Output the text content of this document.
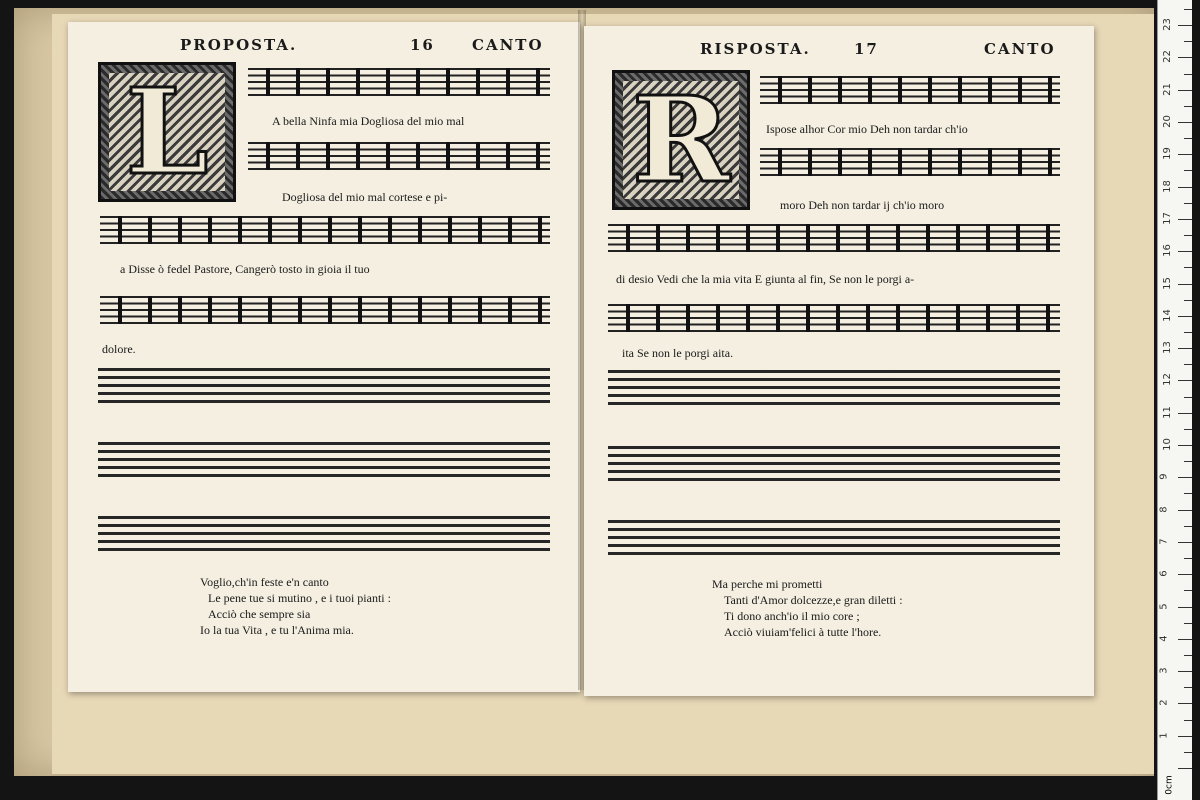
PROPOSTA.	16 CANTO
L	A bella Ninfa mia Dogliosa del mio mal
Dogliosa del mio mal cortese e pi-
a Disse ò fedel Pastore, Cangerò tosto in gioia il tuo
dolore.
Voglio,ch'in feste e'n canto
Le pene tue si mutino , e i tuoi pianti :
Acciò che sempre sia
Io la tua Vita , e tu l'Anima mia.
RISPOSTA.	17	CANTO
R	Ispose alhor Cor mio Deh non tardar ch'io
moro Deh non tardar ij ch'io moro
di desio Vedi che la mia vita E giunta al fin, Se non le porgi a-
ita Se non le porgi aita.
Ma perche mi prometti
Tanti d'Amor dolcezze,e gran diletti :
Ti dono anch'io il mio core ;
Acciò viuiam'felici à tutte l'hore.
0cm
1
2
3
4
5
6
7
8
9
10
11
12
13
14
15
16
17
18
19
20
21
22
23
